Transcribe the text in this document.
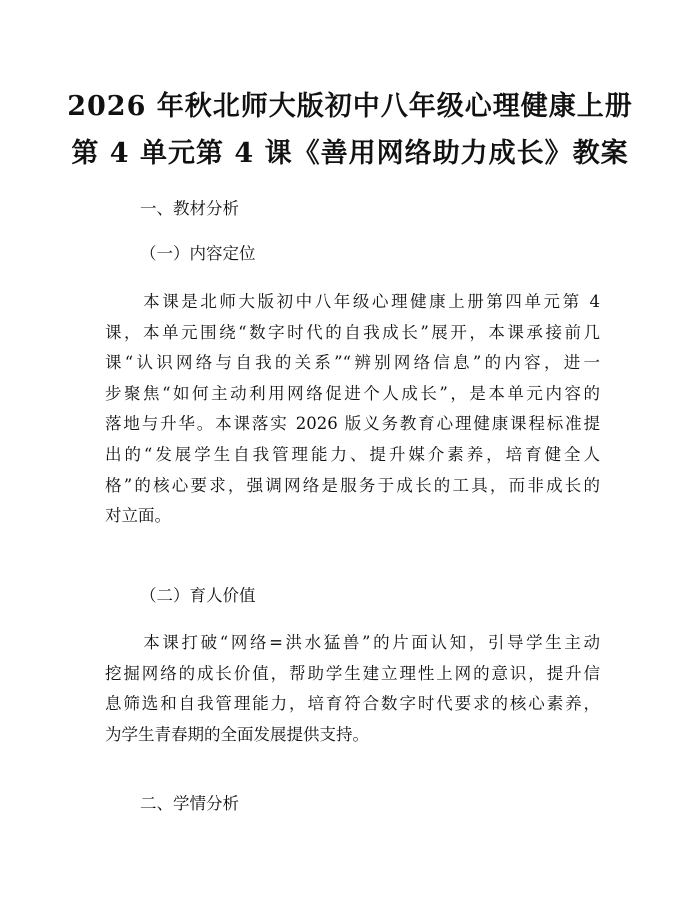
2026 年秋北师大版初中八年级心理健康上册
第 4 单元第 4 课《善用网络助力成长》教案
一、教材分析
（一）内容定位
　　本课是北师大版初中八年级心理健康上册第四单元第 4
课，本单元围绕“数字时代的自我成长”展开，本课承接前几
课“认识网络与自我的关系”“辨别网络信息”的内容，进一
步聚焦“如何主动利用网络促进个人成长”，是本单元内容的
落地与升华。本课落实 2026 版义务教育心理健康课程标准提
出的“发展学生自我管理能力、提升媒介素养，培育健全人
格”的核心要求，强调网络是服务于成长的工具，而非成长的
对立面。
（二）育人价值
　　本课打破“网络=洪水猛兽”的片面认知，引导学生主动
挖掘网络的成长价值，帮助学生建立理性上网的意识，提升信
息筛选和自我管理能力，培育符合数字时代要求的核心素养，
为学生青春期的全面发展提供支持。
二、学情分析
